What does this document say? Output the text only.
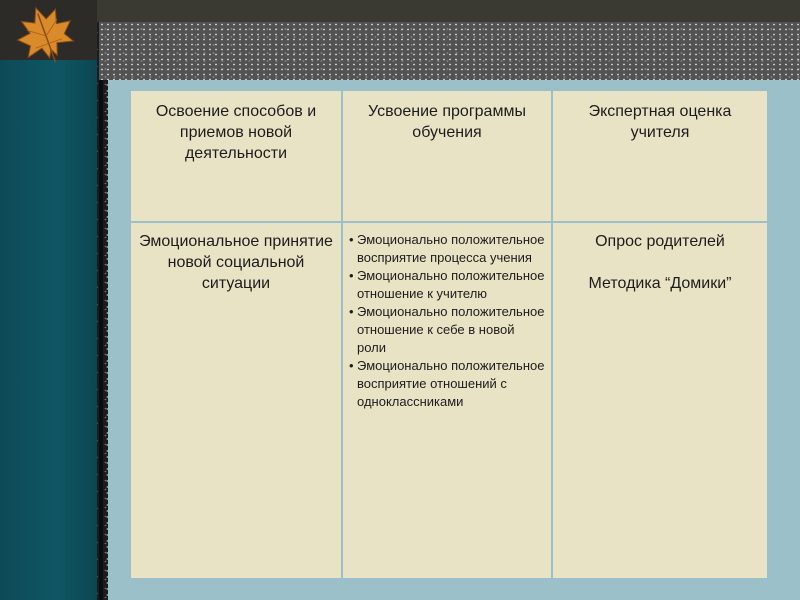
Освоение способов и приемов новой деятельности
Усвоение программы обучения
Экспертная оценка учителя
Эмоциональное принятие новой социальной ситуации
• Эмоционально положительное восприятие процесса учения
• Эмоционально положительное отношение к учителю
• Эмоционально положительное отношение к себе в новой роли
• Эмоционально положительное восприятие отношений с одноклассниками
Опрос родителей
Методика “Домики”
